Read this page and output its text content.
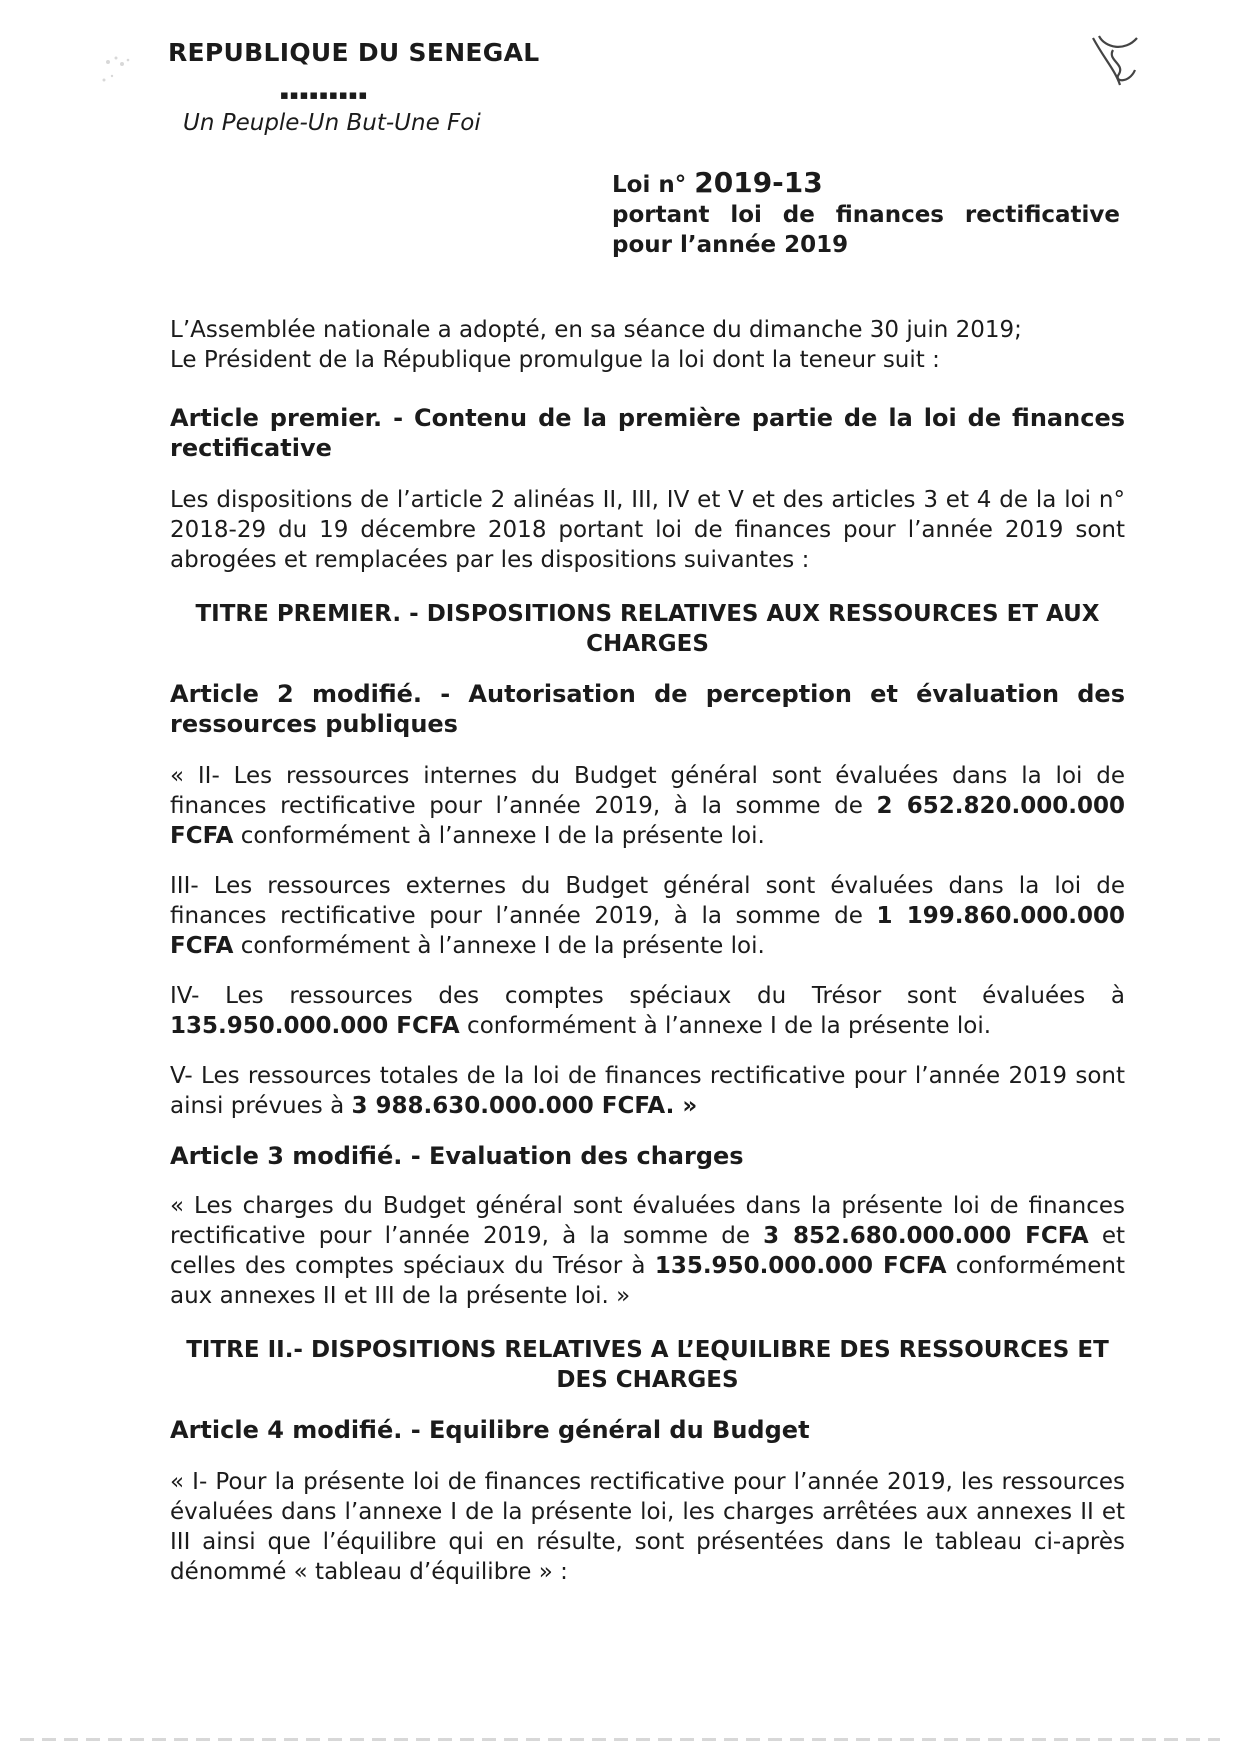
REPUBLIQUE DU SENEGAL
▪▪▪▪▪▪▪▪▪
Un Peuple-Un But-Une Foi
Loi n° 2019-13
portant loi de finances rectificative
pour l’année 2019

L’Assemblée nationale a adopté, en sa séance du dimanche 30 juin 2019;

Le Président de la République promulgue la loi dont la teneur suit :

Article premier. - Contenu de la première partie de la loi de finances rectificative

Les dispositions de l’article 2 alinéas II, III, IV et V et des articles 3 et 4 de la loi n° 2018-29 du 19 décembre 2018 portant loi de finances pour l’année 2019 sont abrogées et remplacées par les dispositions suivantes :

TITRE PREMIER. - DISPOSITIONS RELATIVES AUX RESSOURCES ET AUX CHARGES

Article 2 modifié. - Autorisation de perception et évaluation des ressources publiques

« II- Les ressources internes du Budget général sont évaluées dans la loi de finances rectificative pour l’année 2019, à la somme de 2 652.820.000.000 FCFA conformément à l’annexe I de la présente loi.

III- Les ressources externes du Budget général sont évaluées dans la loi de finances rectificative pour l’année 2019, à la somme de 1 199.860.000.000 FCFA conformément à l’annexe I de la présente loi.

IV- Les ressources des comptes spéciaux du Trésor sont évaluées à 135.950.000.000 FCFA conformément à l’annexe I de la présente loi.

V- Les ressources totales de la loi de finances rectificative pour l’année 2019 sont ainsi prévues à 3 988.630.000.000 FCFA. »

Article 3 modifié. - Evaluation des charges

« Les charges du Budget général sont évaluées dans la présente loi de finances rectificative pour l’année 2019, à la somme de 3 852.680.000.000 FCFA et celles des comptes spéciaux du Trésor à 135.950.000.000 FCFA conformément aux annexes II et III de la présente loi. »

TITRE II.- DISPOSITIONS RELATIVES A L’EQUILIBRE DES RESSOURCES ET DES CHARGES

Article 4 modifié. - Equilibre général du Budget

« I- Pour la présente loi de finances rectificative pour l’année 2019, les ressources évaluées dans l’annexe I de la présente loi, les charges arrêtées aux annexes II et III ainsi que l’équilibre qui en résulte, sont présentées dans le tableau ci-après dénommé « tableau d’équilibre » :
